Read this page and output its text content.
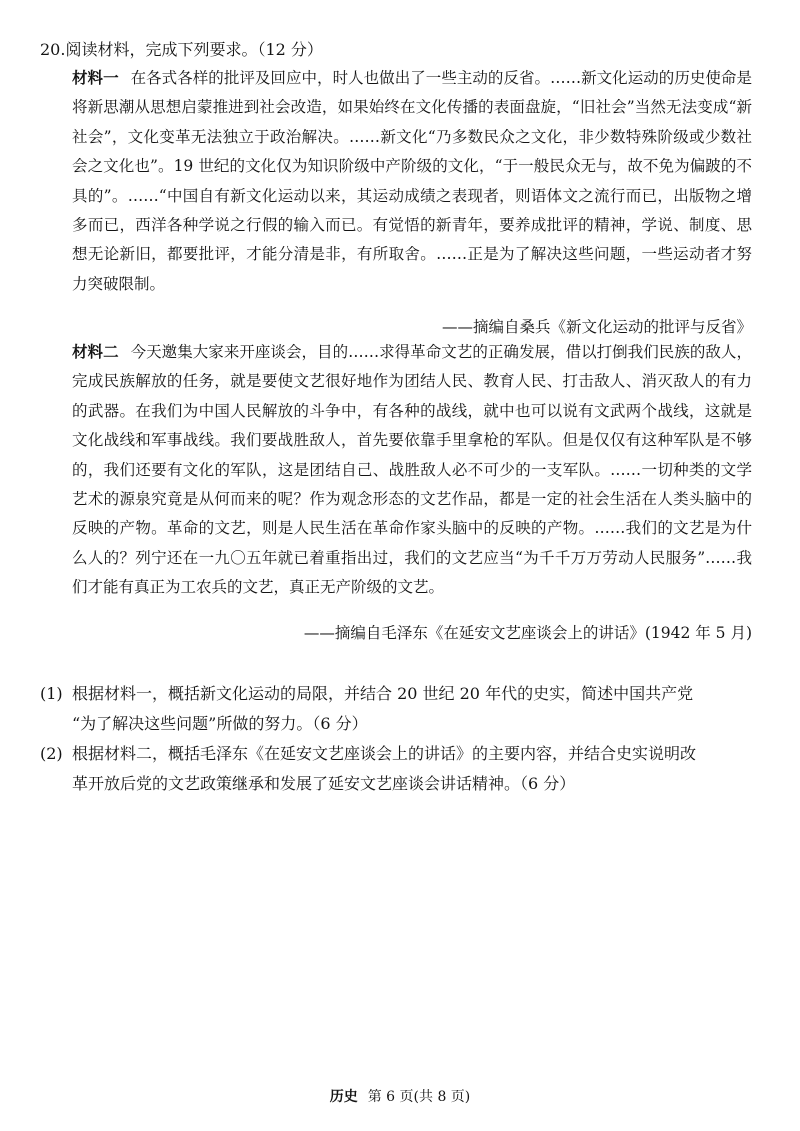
20.阅读材料，完成下列要求。（12 分）

材料一 在各式各样的批评及回应中，时人也做出了一些主动的反省。……新文化运动的历史使命是将新思潮从思想启蒙推进到社会改造，如果始终在文化传播的表面盘旋，“旧社会”当然无法变成“新社会”，文化变革无法独立于政治解决。……新文化“乃多数民众之文化，非少数特殊阶级或少数社会之文化也”。19 世纪的文化仅为知识阶级中产阶级的文化，“于一般民众无与，故不免为偏跛的不具的”。……“中国自有新文化运动以来，其运动成绩之表现者，则语体文之流行而已，出版物之增多而已，西洋各种学说之行假的输入而已。有觉悟的新青年，要养成批评的精神，学说、制度、思想无论新旧，都要批评，才能分清是非，有所取舍。……正是为了解决这些问题，一些运动者才努力突破限制。

——摘编自桑兵《新文化运动的批评与反省》

材料二 今天邀集大家来开座谈会，目的……求得革命文艺的正确发展，借以打倒我们民族的敌人，完成民族解放的任务，就是要使文艺很好地作为团结人民、教育人民、打击敌人、消灭敌人的有力的武器。在我们为中国人民解放的斗争中，有各种的战线，就中也可以说有文武两个战线，这就是文化战线和军事战线。我们要战胜敌人，首先要依靠手里拿枪的军队。但是仅仅有这种军队是不够的，我们还要有文化的军队，这是团结自己、战胜敌人必不可少的一支军队。……一切种类的文学艺术的源泉究竟是从何而来的呢？作为观念形态的文艺作品，都是一定的社会生活在人类头脑中的反映的产物。革命的文艺，则是人民生活在革命作家头脑中的反映的产物。……我们的文艺是为什么人的？列宁还在一九〇五年就已着重指出过，我们的文艺应当“为千千万万劳动人民服务”……我们才能有真正为工农兵的文艺，真正无产阶级的文艺。

——摘编自毛泽东《在延安文艺座谈会上的讲话》(1942 年 5 月)
(1) 根据材料一，概括新文化运动的局限，并结合 20 世纪 20 年代的史实，简述中国共产党
“为了解决这些问题”所做的努力。（6 分）
(2) 根据材料二，概括毛泽东《在延安文艺座谈会上的讲话》的主要内容，并结合史实说明改
革开放后党的文艺政策继承和发展了延安文艺座谈会讲话精神。（6 分）
历史 第 6 页(共 8 页)
